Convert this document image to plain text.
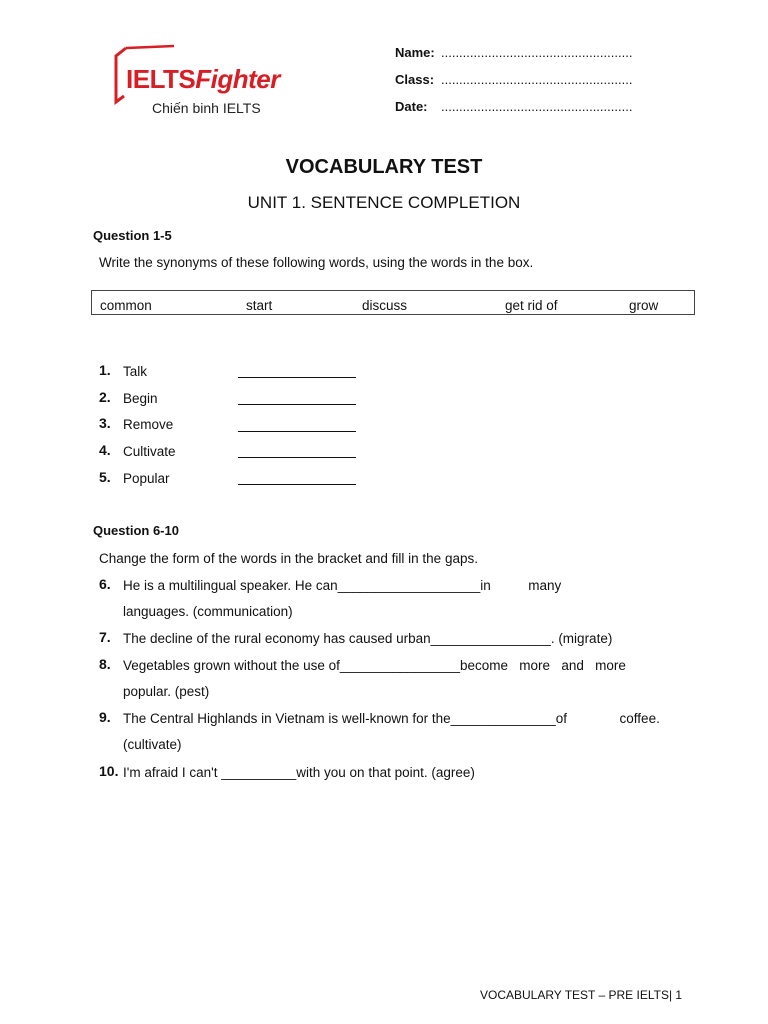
IELTSFighter
Chiến binh IELTS
Name: .....................................................
Class: .....................................................
Date: .....................................................
VOCABULARY TEST
UNIT 1. SENTENCE COMPLETION
Question 1-5
Write the synonyms of these following words, using the words in the box.
common	start	discuss	get rid of	grow
1. Talk
2. Begin
3. Remove
4. Cultivate
5. Popular
Question 6-10
Change the form of the words in the bracket and fill in the gaps.
6. He is a multilingual speaker. He can___________________in          many
languages. (communication)
7. The decline of the rural economy has caused urban________________. (migrate)
8. Vegetables grown without the use of________________become   more   and   more
popular. (pest)
9. The Central Highlands in Vietnam is well-known for the______________of              coffee.
(cultivate)
10. I'm afraid I can't __________with you on that point. (agree)
VOCABULARY TEST – PRE IELTS| 1
